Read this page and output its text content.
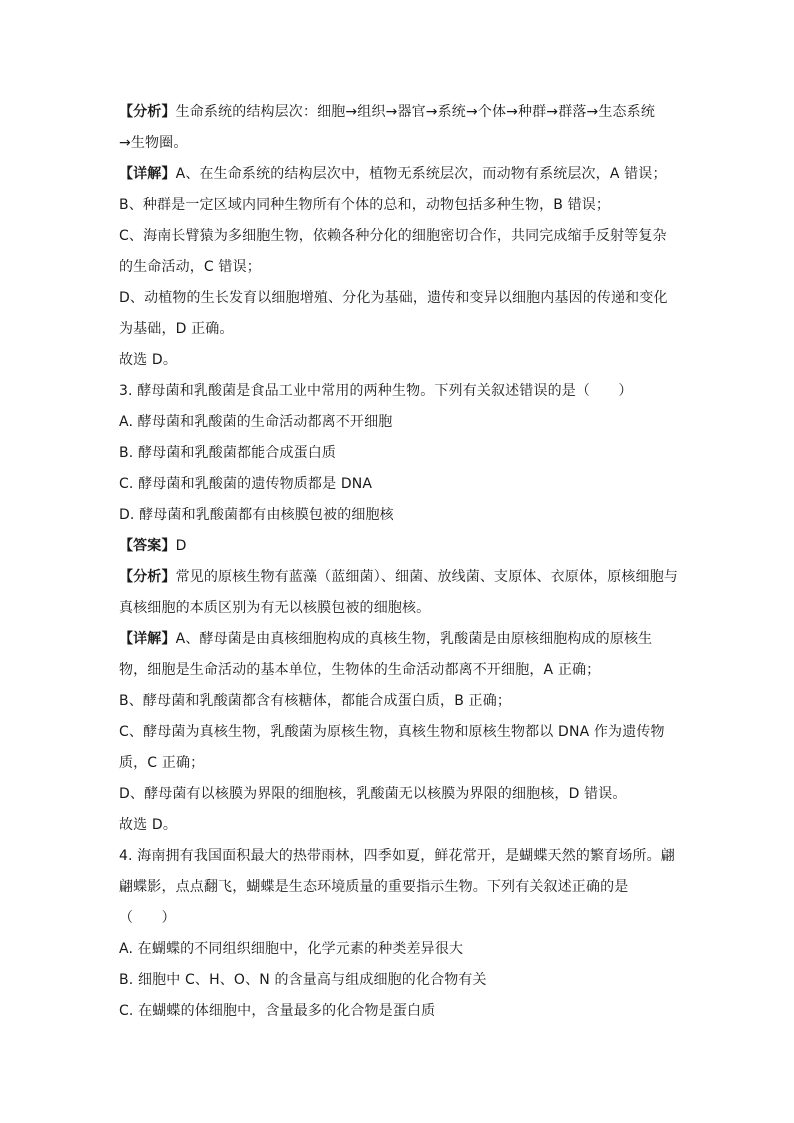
【分析】生命系统的结构层次：细胞→组织→器官→系统→个体→种群→群落→生态系统
→生物圈。
【详解】A、在生命系统的结构层次中，植物无系统层次，而动物有系统层次，A 错误；
B、种群是一定区域内同种生物所有个体的总和，动物包括多种生物，B 错误；
C、海南长臂猿为多细胞生物，依赖各种分化的细胞密切合作，共同完成缩手反射等复杂
的生命活动，C 错误；
D、动植物的生长发育以细胞增殖、分化为基础，遗传和变异以细胞内基因的传递和变化
为基础，D 正确。
故选 D。
3. 酵母菌和乳酸菌是食品工业中常用的两种生物。下列有关叙述错误的是（　　）
A. 酵母菌和乳酸菌的生命活动都离不开细胞
B. 酵母菌和乳酸菌都能合成蛋白质
C. 酵母菌和乳酸菌的遗传物质都是 DNA
D. 酵母菌和乳酸菌都有由核膜包被的细胞核
【答案】D
【分析】常见的原核生物有蓝藻（蓝细菌）、细菌、放线菌、支原体、衣原体，原核细胞与
真核细胞的本质区别为有无以核膜包被的细胞核。
【详解】A、酵母菌是由真核细胞构成的真核生物，乳酸菌是由原核细胞构成的原核生
物，细胞是生命活动的基本单位，生物体的生命活动都离不开细胞，A 正确；
B、酵母菌和乳酸菌都含有核糖体，都能合成蛋白质，B 正确；
C、酵母菌为真核生物，乳酸菌为原核生物，真核生物和原核生物都以 DNA 作为遗传物
质，C 正确；
D、酵母菌有以核膜为界限的细胞核，乳酸菌无以核膜为界限的细胞核，D 错误。
故选 D。
4. 海南拥有我国面积最大的热带雨林，四季如夏，鲜花常开，是蝴蝶天然的繁育场所。翩
翩蝶影，点点翻飞，蝴蝶是生态环境质量的重要指示生物。下列有关叙述正确的是
（　　）
A. 在蝴蝶的不同组织细胞中，化学元素的种类差异很大
B. 细胞中 C、H、O、N 的含量高与组成细胞的化合物有关
C. 在蝴蝶的体细胞中，含量最多的化合物是蛋白质
